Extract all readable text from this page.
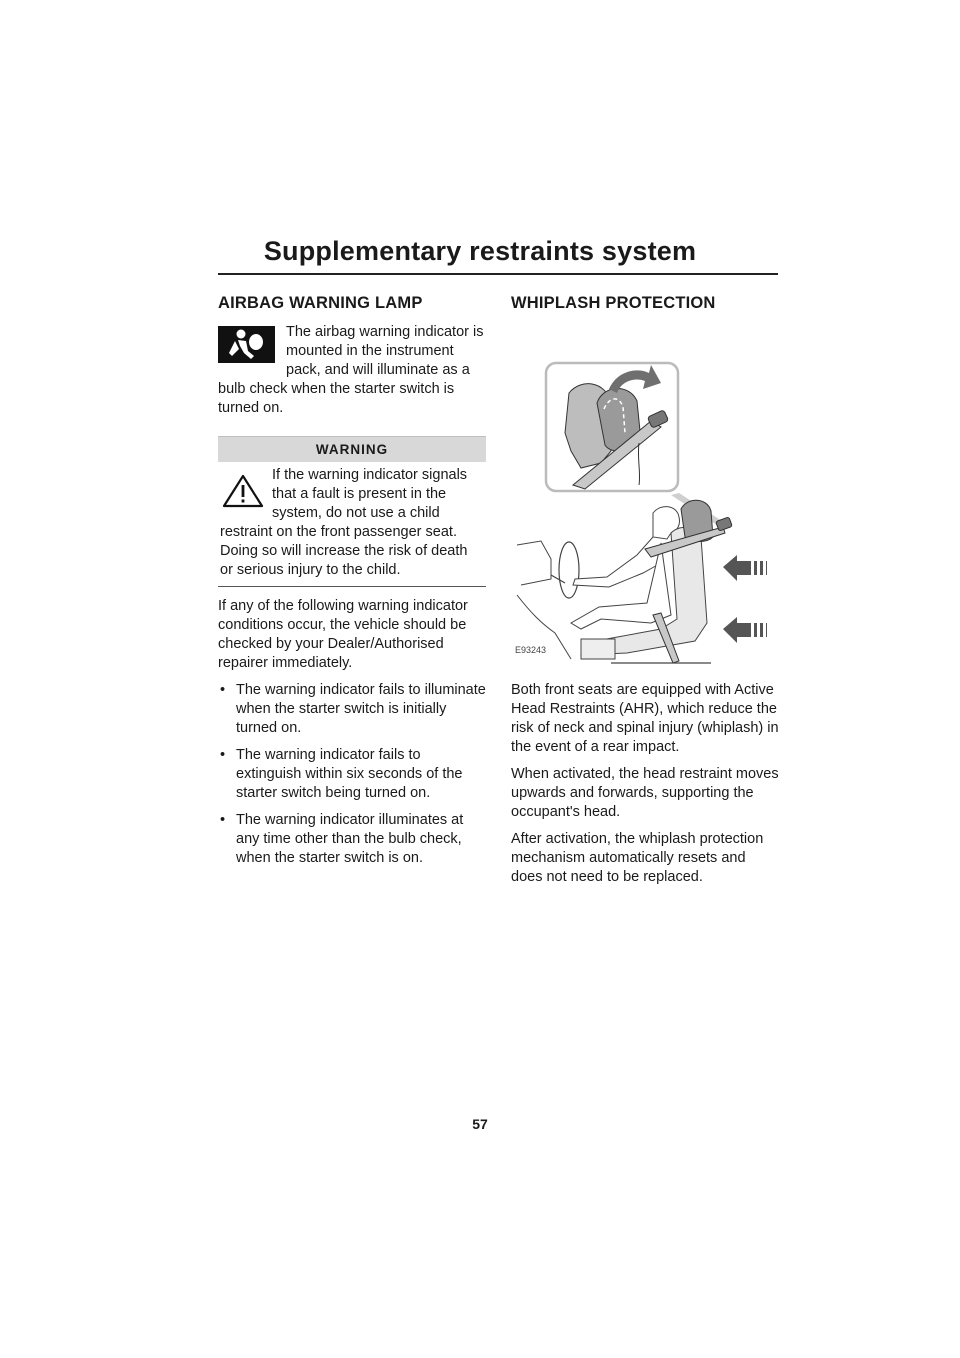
Supplementary restraints system
AIRBAG WARNING LAMP

The airbag warning indicator is mounted in the instrument pack, and will illuminate as a bulb check when the starter switch is turned on.

WARNING
If the warning indicator signals that a fault is present in the system, do not use a child restraint on the front passenger seat. Doing so will increase the risk of death or serious injury to the child.

If any of the following warning indicator conditions occur, the vehicle should be checked by your Dealer/Authorised repairer immediately.

• The warning indicator fails to illuminate when the starter switch is initially turned on.
• The warning indicator fails to extinguish within six seconds of the starter switch being turned on.
• The warning indicator illuminates at any time other than the bulb check, when the starter switch is on.
WHIPLASH PROTECTION
E93243

Both front seats are equipped with Active Head Restraints (AHR), which reduce the risk of neck and spinal injury (whiplash) in the event of a rear impact.

When activated, the head restraint moves upwards and forwards, supporting the occupant's head.

After activation, the whiplash protection mechanism automatically resets and does not need to be replaced.

57
